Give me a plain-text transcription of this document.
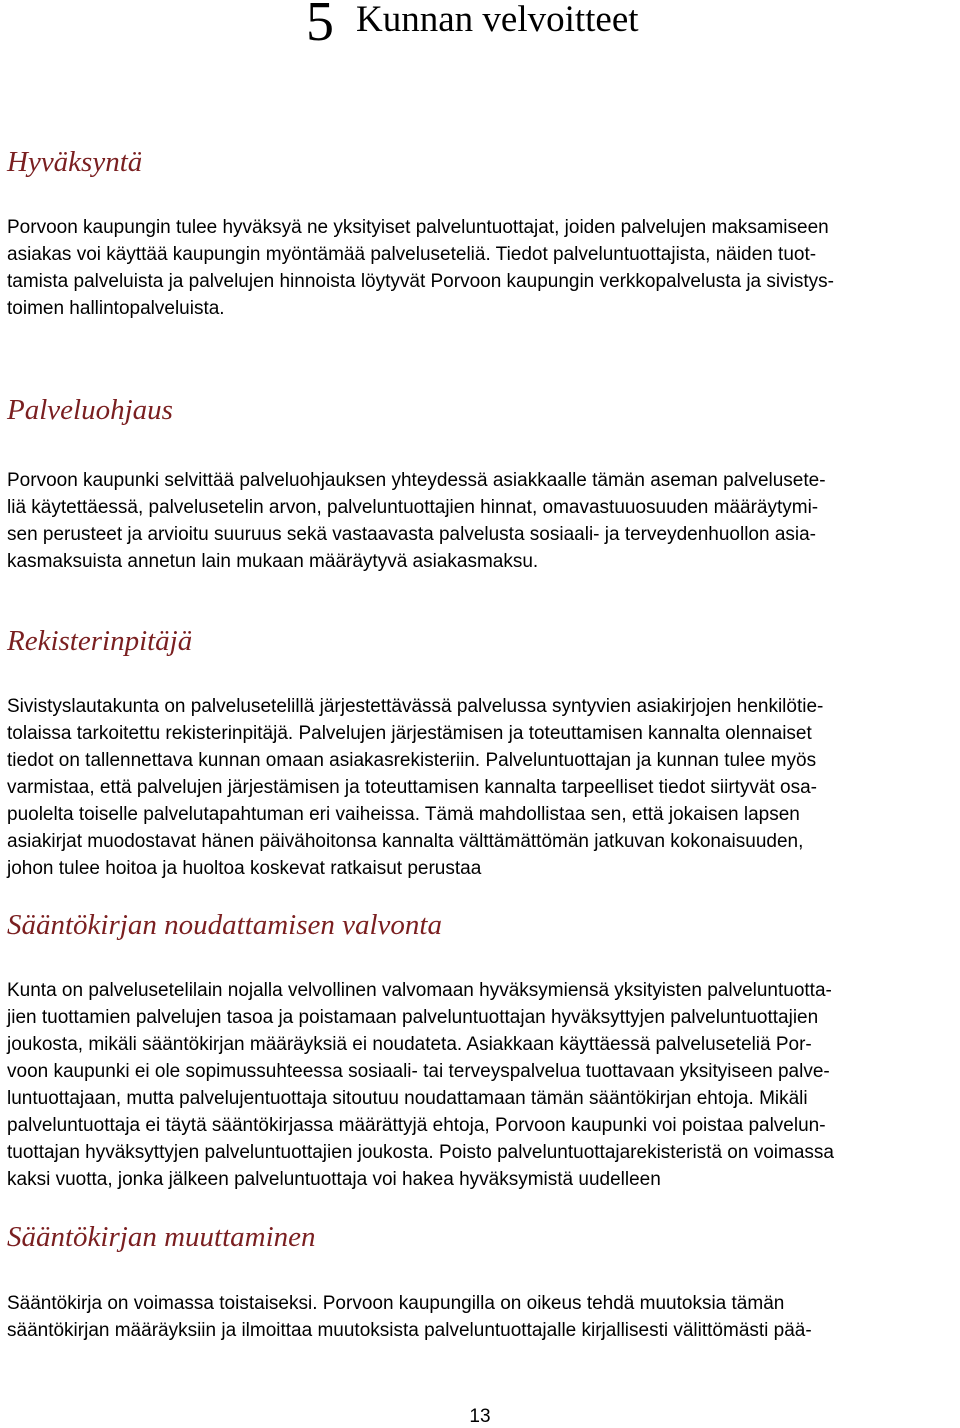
5 Kunnan velvoitteet
Hyväksyntä
Porvoon kaupungin tulee hyväksyä ne yksityiset palveluntuottajat, joiden palvelujen maksamiseen
asiakas voi käyttää kaupungin myöntämää palveluseteliä. Tiedot palveluntuottajista, näiden tuot-
tamista palveluista ja palvelujen hinnoista löytyvät Porvoon kaupungin verkkopalvelusta ja sivistys-
toimen hallintopalveluista.
Palveluohjaus
Porvoon kaupunki selvittää palveluohjauksen yhteydessä asiakkaalle tämän aseman palvelusete-
liä käytettäessä, palvelusetelin arvon, palveluntuottajien hinnat, omavastuuosuuden määräytymi-
sen perusteet ja arvioitu suuruus sekä vastaavasta palvelusta sosiaali- ja terveydenhuollon asia-
kasmaksuista annetun lain mukaan määräytyvä asiakasmaksu.
Rekisterinpitäjä
Sivistyslautakunta on palvelusetelillä järjestettävässä palvelussa syntyvien asiakirjojen henkilötie-
tolaissa tarkoitettu rekisterinpitäjä. Palvelujen järjestämisen ja toteuttamisen kannalta olennaiset
tiedot on tallennettava kunnan omaan asiakasrekisteriin. Palveluntuottajan ja kunnan tulee myös
varmistaa, että palvelujen järjestämisen ja toteuttamisen kannalta tarpeelliset tiedot siirtyvät osa-
puolelta toiselle palvelutapahtuman eri vaiheissa. Tämä mahdollistaa sen, että jokaisen lapsen
asiakirjat muodostavat hänen päivähoitonsa kannalta välttämättömän jatkuvan kokonaisuuden,
johon tulee hoitoa ja huoltoa koskevat ratkaisut perustaa
Sääntökirjan noudattamisen valvonta
Kunta on palvelusetelilain nojalla velvollinen valvomaan hyväksymiensä yksityisten palveluntuotta-
jien tuottamien palvelujen tasoa ja poistamaan palveluntuottajan hyväksyttyjen palveluntuottajien
joukosta, mikäli sääntökirjan määräyksiä ei noudateta. Asiakkaan käyttäessä palveluseteliä Por-
voon kaupunki ei ole sopimussuhteessa sosiaali- tai terveyspalvelua tuottavaan yksityiseen palve-
luntuottajaan, mutta palvelujentuottaja sitoutuu noudattamaan tämän sääntökirjan ehtoja. Mikäli
palveluntuottaja ei täytä sääntökirjassa määrättyjä ehtoja, Porvoon kaupunki voi poistaa palvelun-
tuottajan hyväksyttyjen palveluntuottajien joukosta. Poisto palveluntuottajarekisteristä on voimassa
kaksi vuotta, jonka jälkeen palveluntuottaja voi hakea hyväksymistä uudelleen
Sääntökirjan muuttaminen
Sääntökirja on voimassa toistaiseksi. Porvoon kaupungilla on oikeus tehdä muutoksia tämän
sääntökirjan määräyksiin ja ilmoittaa muutoksista palveluntuottajalle kirjallisesti välittömästi pää-
13
